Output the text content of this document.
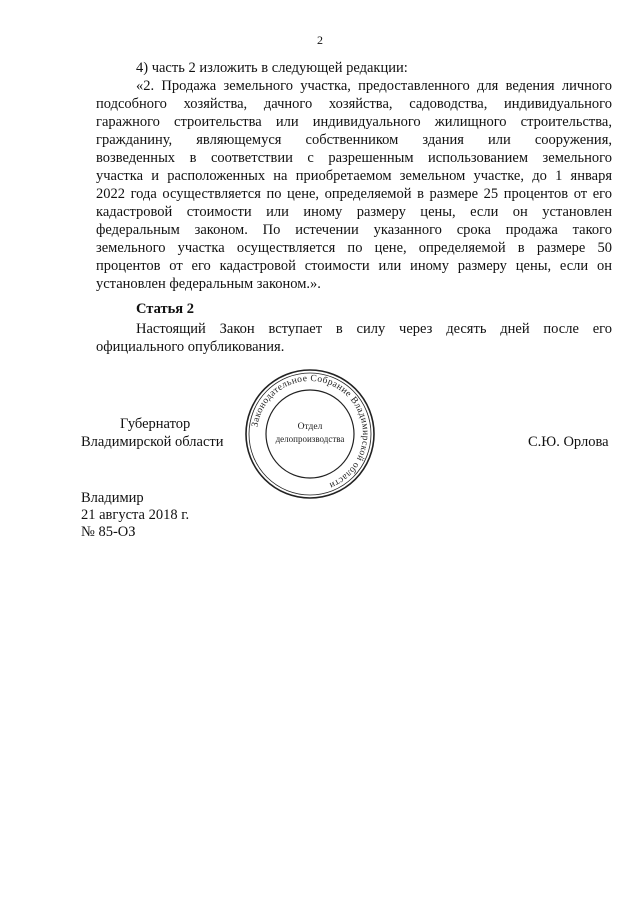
2
4) часть 2 изложить в следующей редакции:
«2. Продажа земельного участка, предоставленного для ведения личного
подсобного хозяйства, дачного хозяйства, садоводства, индивидуального
гаражного строительства или индивидуального жилищного строительства,
гражданину, являющемуся собственником здания или сооружения,
возведенных в соответствии с разрешенным использованием земельного
участка и расположенных на приобретаемом земельном участке, до 1 января
2022 года осуществляется по цене, определяемой в размере 25 процентов от его
кадастровой стоимости или иному размеру цены, если он установлен
федеральным законом. По истечении указанного срока продажа такого
земельного участка осуществляется по цене, определяемой в размере 50
процентов от его кадастровой стоимости или иному размеру цены, если он
установлен федеральным законом.».
Статья 2
Настоящий Закон вступает в силу через десять дней после его
официального опубликования.
Губернатор
Владимирской области	С.Ю. Орлова
Законодательное Собрание Владимирской области
Отдел
делопроизводства
Владимир
21 августа 2018 г.
№ 85-ОЗ
